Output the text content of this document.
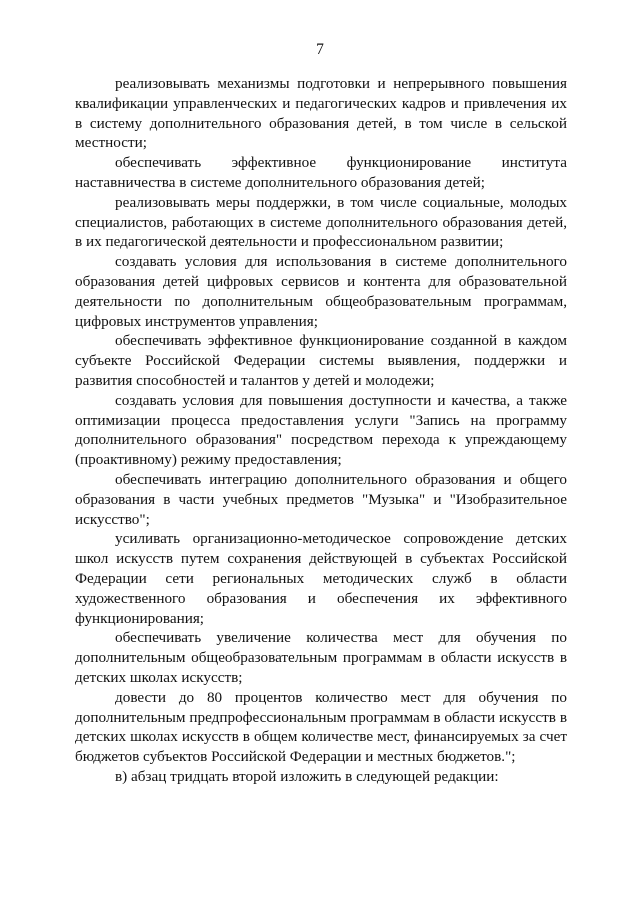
7

реализовывать механизмы подготовки и непрерывного повышения квалификации управленческих и педагогических кадров и привлечения их в систему дополнительного образования детей, в том числе в сельской местности;

обеспечивать эффективное функционирование института наставничества в системе дополнительного образования детей;

реализовывать меры поддержки, в том числе социальные, молодых специалистов, работающих в системе дополнительного образования детей, в их педагогической деятельности и профессиональном развитии;

создавать условия для использования в системе дополнительного образования детей цифровых сервисов и контента для образовательной деятельности по дополнительным общеобразовательным программам, цифровых инструментов управления;

обеспечивать эффективное функционирование созданной в каждом субъекте Российской Федерации системы выявления, поддержки и развития способностей и талантов у детей и молодежи;

создавать условия для повышения доступности и качества, а также оптимизации процесса предоставления услуги "Запись на программу дополнительного образования" посредством перехода к упреждающему (проактивному) режиму предоставления;

обеспечивать интеграцию дополнительного образования и общего образования в части учебных предметов "Музыка" и "Изобразительное искусство";

усиливать организационно-методическое сопровождение детских школ искусств путем сохранения действующей в субъектах Российской Федерации сети региональных методических служб в области художественного образования и обеспечения их эффективного функционирования;

обеспечивать увеличение количества мест для обучения по дополнительным общеобразовательным программам в области искусств в детских школах искусств;

довести до 80 процентов количество мест для обучения по дополнительным предпрофессиональным программам в области искусств в детских школах искусств в общем количестве мест, финансируемых за счет бюджетов субъектов Российской Федерации и местных бюджетов.";

в) абзац тридцать второй изложить в следующей редакции:
